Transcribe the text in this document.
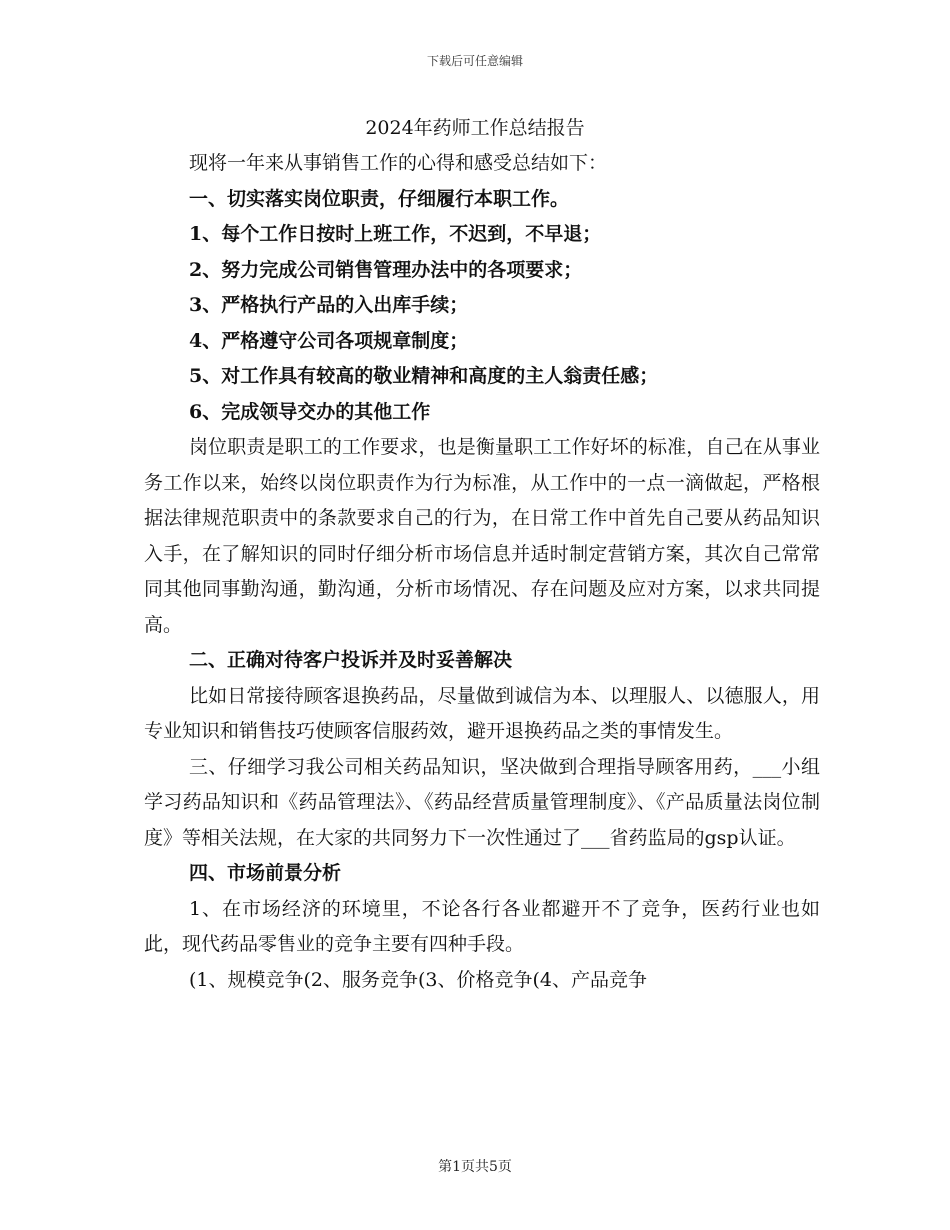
下载后可任意编辑
2024年药师工作总结报告

现将一年来从事销售工作的心得和感受总结如下：

一、切实落实岗位职责，仔细履行本职工作。

1、每个工作日按时上班工作，不迟到，不早退；

2、努力完成公司销售管理办法中的各项要求；

3、严格执行产品的入出库手续；

4、严格遵守公司各项规章制度；

5、对工作具有较高的敬业精神和高度的主人翁责任感；

6、完成领导交办的其他工作

岗位职责是职工的工作要求，也是衡量职工工作好坏的标准，自己在从事业务工作以来，始终以岗位职责作为行为标准，从工作中的一点一滴做起，严格根据法律规范职责中的条款要求自己的行为，在日常工作中首先自己要从药品知识入手，在了解知识的同时仔细分析市场信息并适时制定营销方案，其次自己常常同其他同事勤沟通，勤沟通，分析市场情况、存在问题及应对方案，以求共同提高。

二、正确对待客户投诉并及时妥善解决

比如日常接待顾客退换药品，尽量做到诚信为本、以理服人、以德服人，用专业知识和销售技巧使顾客信服药效，避开退换药品之类的事情发生。

三、仔细学习我公司相关药品知识，坚决做到合理指导顾客用药，___小组学习药品知识和《药品管理法》、《药品经营质量管理制度》、《产品质量法岗位制度》等相关法规，在大家的共同努力下一次性通过了___省药监局的gsp认证。

四、市场前景分析

1、在市场经济的环境里，不论各行各业都避开不了竞争，医药行业也如此，现代药品零售业的竞争主要有四种手段。

(1、规模竞争(2、服务竞争(3、价格竞争(4、产品竞争

第1页共5页
